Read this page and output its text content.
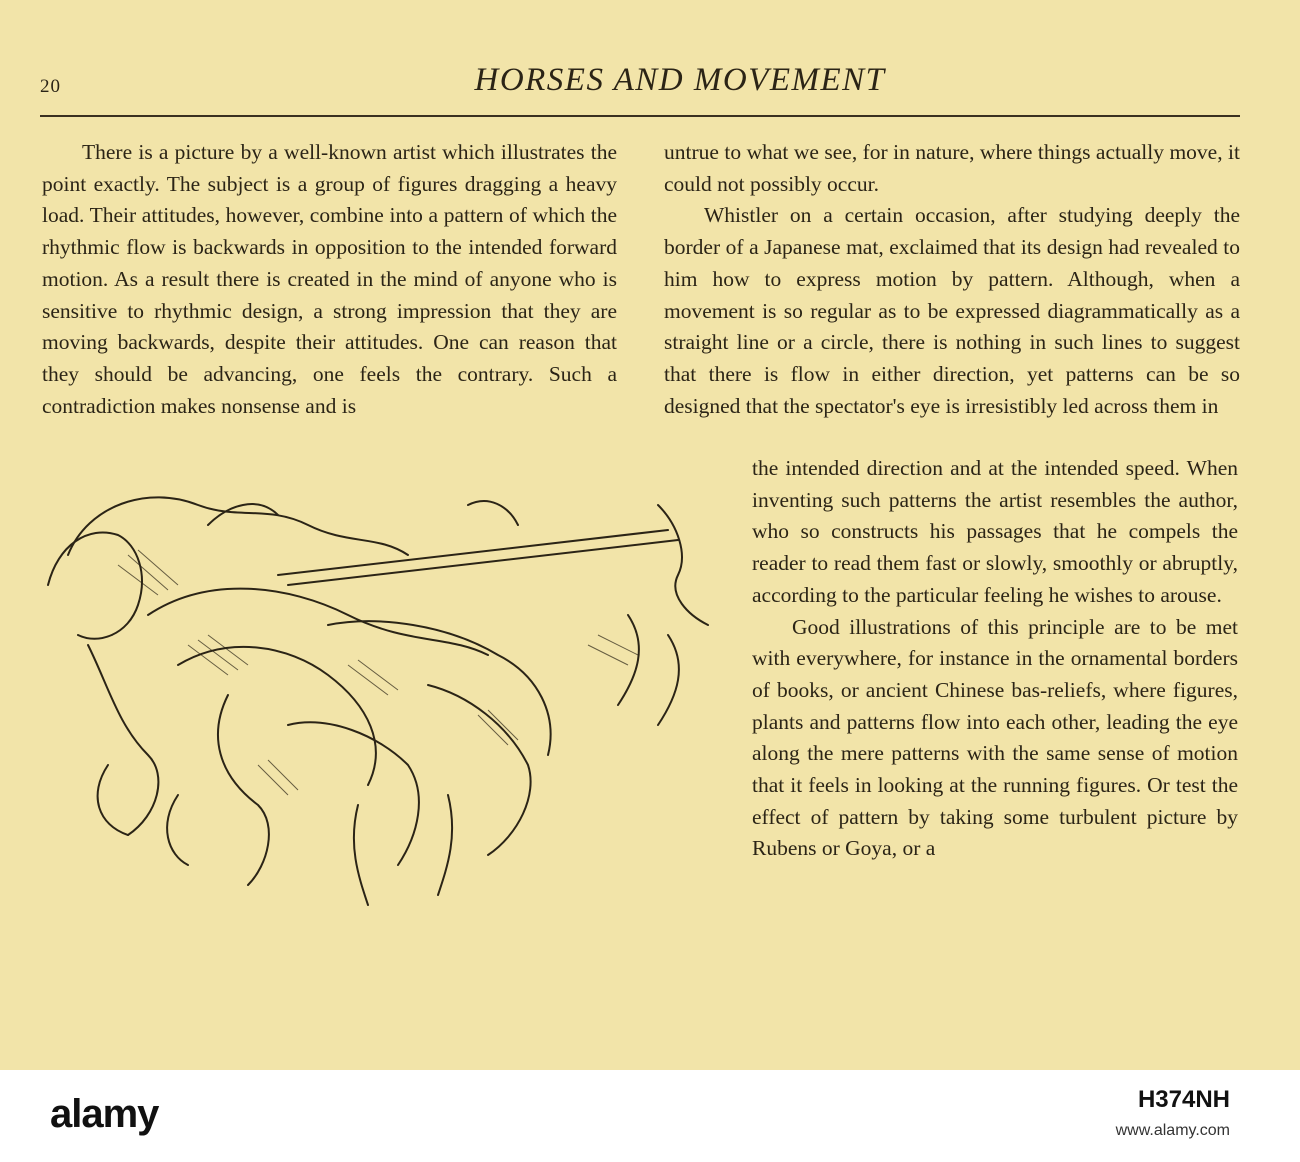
20	HORSES AND MOVEMENT

There is a picture by a well-known artist which illustrates the point exactly. The subject is a group of figures dragging a heavy load. Their attitudes, however, combine into a pattern of which the rhythmic flow is backwards in opposition to the intended forward motion. As a result there is created in the mind of anyone who is sensitive to rhythmic design, a strong impression that they are moving backwards, despite their attitudes. One can reason that they should be advancing, one feels the contrary. Such a contradiction makes nonsense and is

untrue to what we see, for in nature, where things actually move, it could not possibly occur.

Whistler on a certain occasion, after studying deeply the border of a Japanese mat, exclaimed that its design had revealed to him how to express motion by pattern. Although, when a movement is so regular as to be expressed diagrammatically as a straight line or a circle, there is nothing in such lines to suggest that there is flow in either direction, yet patterns can be so designed that the spectator's eye is irresistibly led across them in

the intended direction and at the intended speed. When inventing such patterns the artist resembles the author, who so constructs his passages that he compels the reader to read them fast or slowly, smoothly or abruptly, according to the particular feeling he wishes to arouse.

Good illustrations of this principle are to be met with everywhere, for instance in the ornamental borders of books, or ancient Chinese bas-reliefs, where figures, plants and patterns flow into each other, leading the eye along the mere patterns with the same sense of motion that it feels in looking at the running figures. Or test the effect of pattern by taking some turbulent picture by Rubens or Goya, or a

alamy	H374NH
www.alamy.com
